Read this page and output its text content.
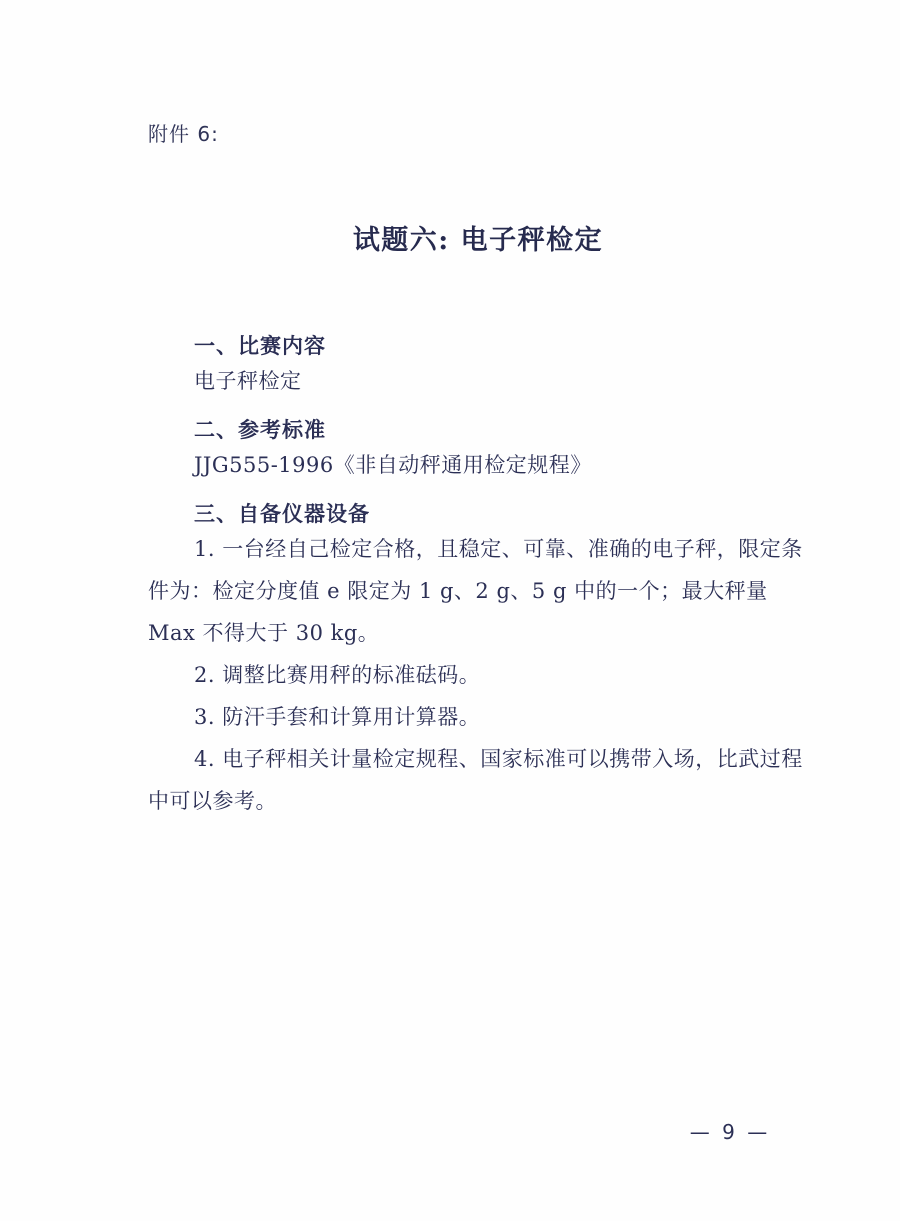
附件 6:
试题六: 电子秤检定
一、比赛内容
电子秤检定
二、参考标准
JJG555-1996《非自动秤通用检定规程》
三、自备仪器设备
1. 一台经自己检定合格，且稳定、可靠、准确的电子秤，限定条件为：检定分度值 e 限定为 1 g、2 g、5 g 中的一个；最大秤量 Max 不得大于 30 kg。
2. 调整比赛用秤的标准砝码。
3. 防汗手套和计算用计算器。
4. 电子秤相关计量检定规程、国家标准可以携带入场，比武过程中可以参考。
— 9 —
